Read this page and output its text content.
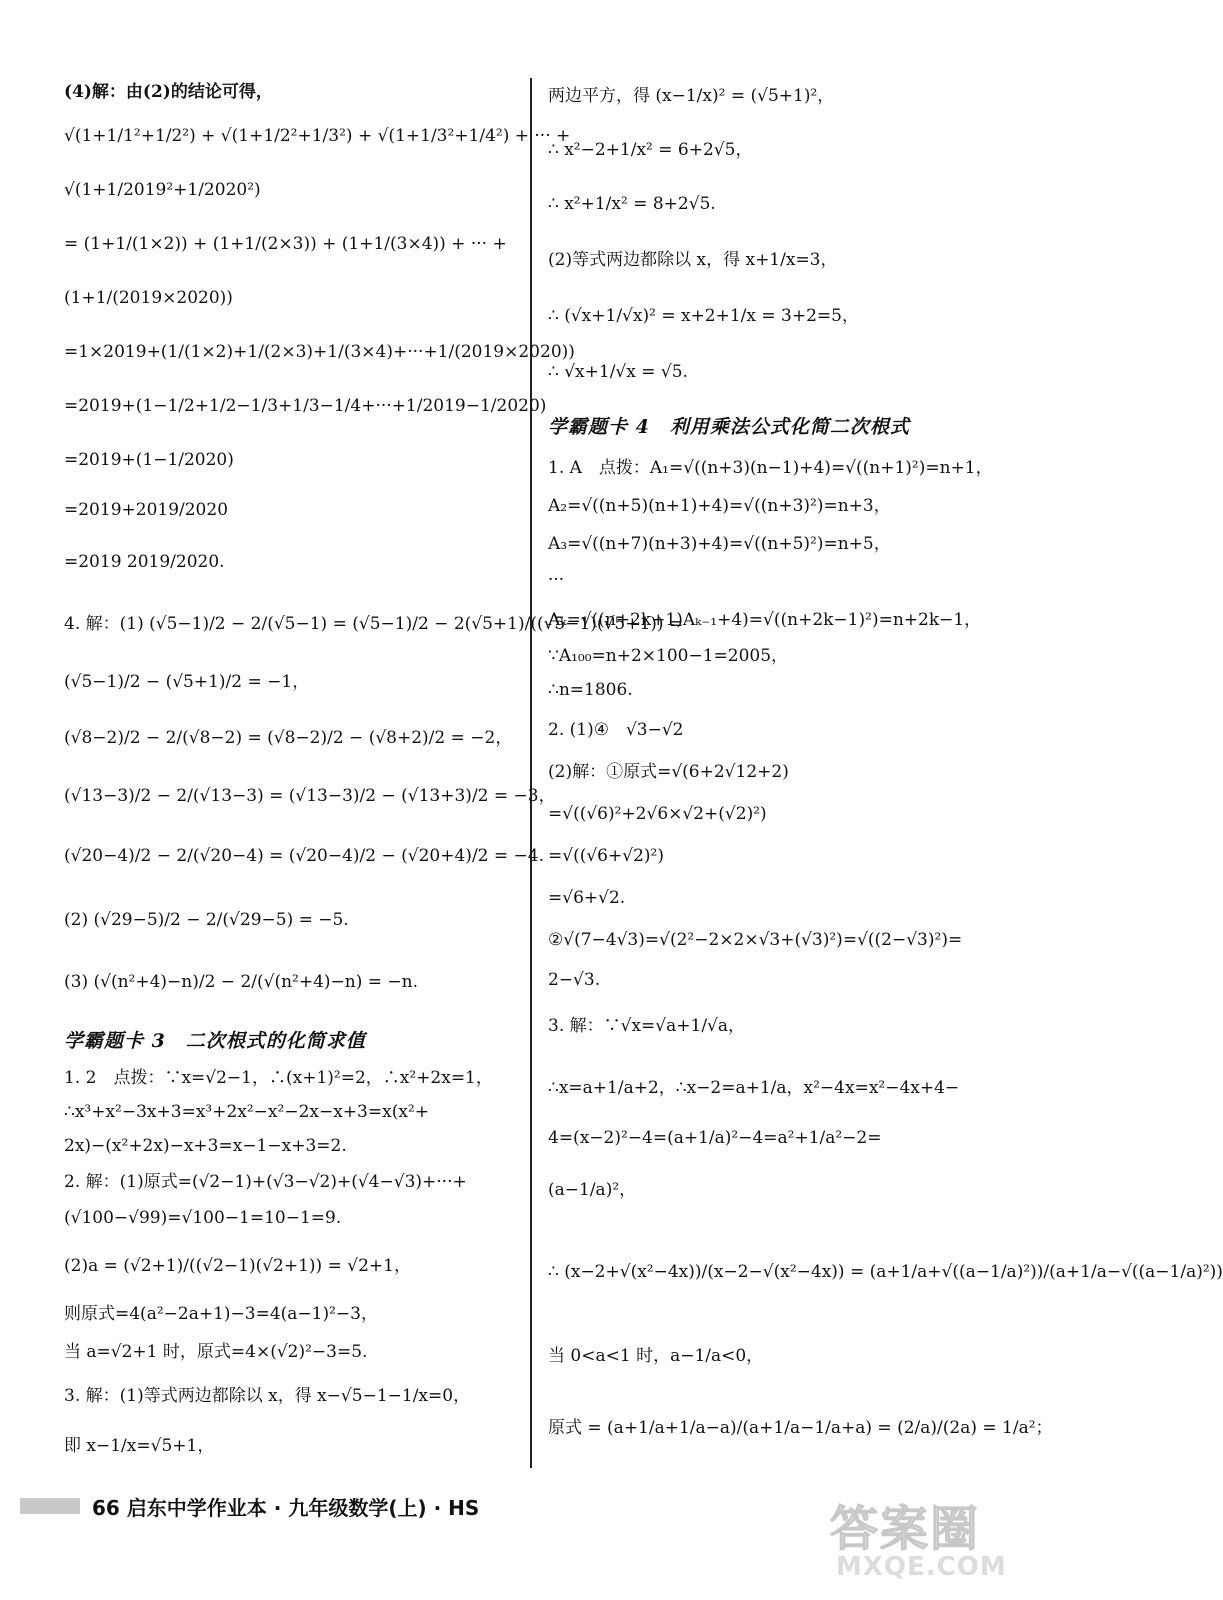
(4)解：由(2)的结论可得，
√(1+1/1²+1/2²) + √(1+1/2²+1/3²) + √(1+1/3²+1/4²) + ··· +
√(1+1/2019²+1/2020²)
= (1+1/(1×2)) + (1+1/(2×3)) + (1+1/(3×4)) + ··· +
(1+1/(2019×2020))
=1×2019+(1/(1×2)+1/(2×3)+1/(3×4)+···+1/(2019×2020))
=2019+(1−1/2+1/2−1/3+1/3−1/4+···+1/2019−1/2020)
=2019+(1−1/2020)
=2019+2019/2020
=2019 2019/2020.
4. 解：(1) (√5−1)/2 − 2/(√5−1) = (√5−1)/2 − 2(√5+1)/((√5−1)(√5+1)) =
(√5−1)/2 − (√5+1)/2 = −1，
(√8−2)/2 − 2/(√8−2) = (√8−2)/2 − (√8+2)/2 = −2，
(√13−3)/2 − 2/(√13−3) = (√13−3)/2 − (√13+3)/2 = −3，
(√20−4)/2 − 2/(√20−4) = (√20−4)/2 − (√20+4)/2 = −4.
(2) (√29−5)/2 − 2/(√29−5) = −5.
(3) (√(n²+4)−n)/2 − 2/(√(n²+4)−n) = −n.
学霸题卡 3　二次根式的化简求值
1. 2　点拨：∵x=√2−1，∴(x+1)²=2，∴x²+2x=1，
∴x³+x²−3x+3=x³+2x²−x²−2x−x+3=x(x²+
2x)−(x²+2x)−x+3=x−1−x+3=2.
2. 解：(1)原式=(√2−1)+(√3−√2)+(√4−√3)+···+
(√100−√99)=√100−1=10−1=9.
(2)a = (√2+1)/((√2−1)(√2+1)) = √2+1，
则原式=4(a²−2a+1)−3=4(a−1)²−3，
当 a=√2+1 时，原式=4×(√2)²−3=5.
3. 解：(1)等式两边都除以 x，得 x−√5−1−1/x=0，
即 x−1/x=√5+1，
两边平方，得 (x−1/x)² = (√5+1)²，
∴ x²−2+1/x² = 6+2√5，
∴ x²+1/x² = 8+2√5.
(2)等式两边都除以 x，得 x+1/x=3，
∴ (√x+1/√x)² = x+2+1/x = 3+2=5，
∴ √x+1/√x = √5.
学霸题卡 4　利用乘法公式化简二次根式
1. A　点拨：A₁=√((n+3)(n−1)+4)=√((n+1)²)=n+1，
A₂=√((n+5)(n+1)+4)=√((n+3)²)=n+3，
A₃=√((n+7)(n+3)+4)=√((n+5)²)=n+5，
···
Aₖ=√((n+2k+1)Aₖ₋₁+4)=√((n+2k−1)²)=n+2k−1，
∵A₁₀₀=n+2×100−1=2005，
∴n=1806.
2. (1)④　√3−√2
(2)解：①原式=√(6+2√12+2)
=√((√6)²+2√6×√2+(√2)²)
=√((√6+√2)²)
=√6+√2.
②√(7−4√3)=√(2²−2×2×√3+(√3)²)=√((2−√3)²)=
2−√3.
3. 解：∵√x=√a+1/√a，
∴x=a+1/a+2，∴x−2=a+1/a，x²−4x=x²−4x+4−
4=(x−2)²−4=(a+1/a)²−4=a²+1/a²−2=
(a−1/a)²，
∴ (x−2+√(x²−4x))/(x−2−√(x²−4x)) = (a+1/a+√((a−1/a)²))/(a+1/a−√((a−1/a)²))
当 0<a<1 时，a−1/a<0，
原式 = (a+1/a+1/a−a)/(a+1/a−1/a+a) = (2/a)/(2a) = 1/a²；
66 启东中学作业本 · 九年级数学(上) · HS	答案圈
MXQE.COM
